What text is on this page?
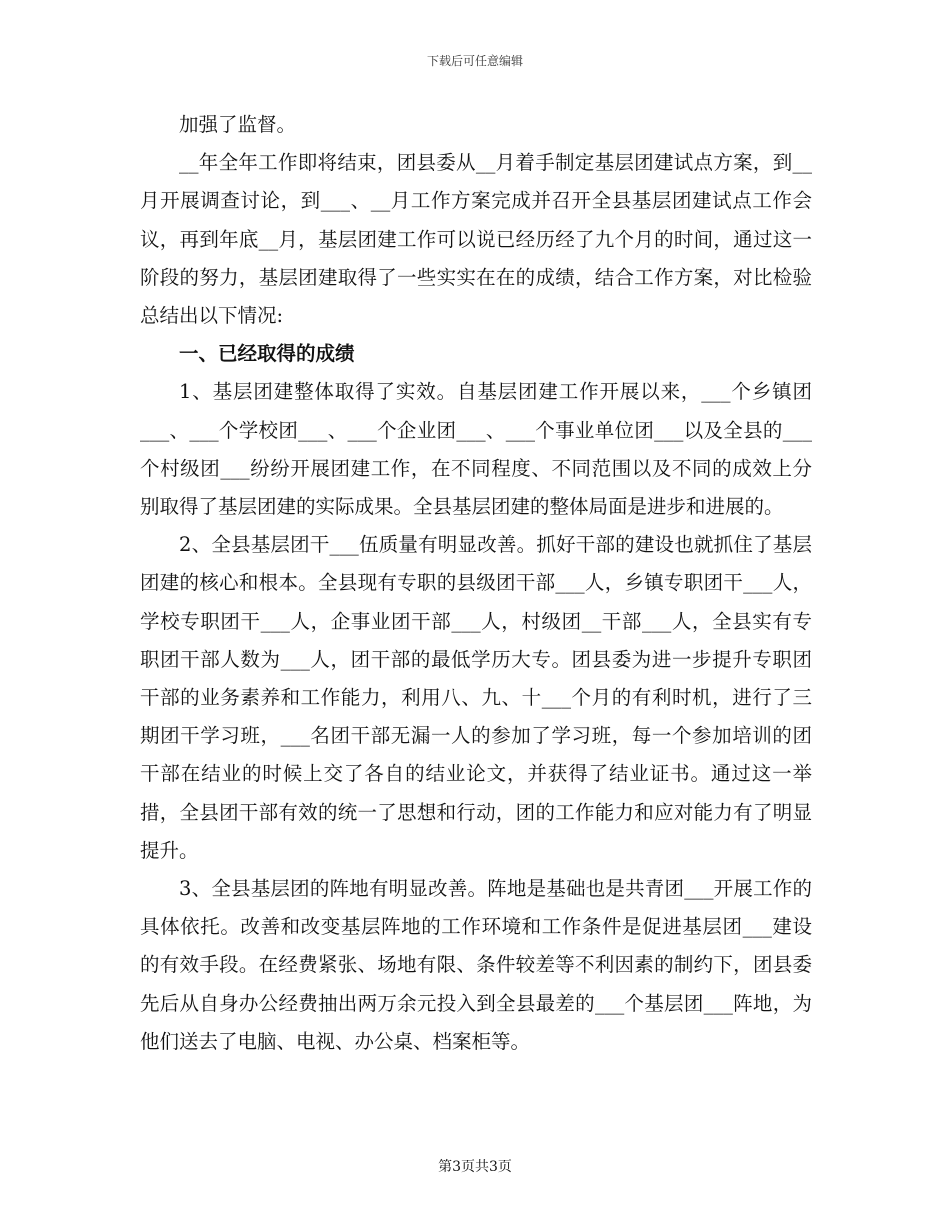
下载后可任意编辑

加强了监督。

__年全年工作即将结束，团县委从__月着手制定基层团建试点方案，到__月开展调查讨论，到___、__月工作方案完成并召开全县基层团建试点工作会议，再到年底__月，基层团建工作可以说已经历经了九个月的时间，通过这一阶段的努力，基层团建取得了一些实实在在的成绩，结合工作方案，对比检验总结出以下情况:

一、已经取得的成绩

1、基层团建整体取得了实效。自基层团建工作开展以来，___个乡镇团___、___个学校团___、___个企业团___、___个事业单位团___以及全县的___个村级团___纷纷开展团建工作，在不同程度、不同范围以及不同的成效上分别取得了基层团建的实际成果。全县基层团建的整体局面是进步和进展的。

2、全县基层团干___伍质量有明显改善。抓好干部的建设也就抓住了基层团建的核心和根本。全县现有专职的县级团干部___人，乡镇专职团干___人，学校专职团干___人，企事业团干部___人，村级团__干部___人，全县实有专职团干部人数为___人，团干部的最低学历大专。团县委为进一步提升专职团干部的业务素养和工作能力，利用八、九、十___个月的有利时机，进行了三期团干学习班，___名团干部无漏一人的参加了学习班，每一个参加培训的团干部在结业的时候上交了各自的结业论文，并获得了结业证书。通过这一举措，全县团干部有效的统一了思想和行动，团的工作能力和应对能力有了明显提升。

3、全县基层团的阵地有明显改善。阵地是基础也是共青团___开展工作的具体依托。改善和改变基层阵地的工作环境和工作条件是促进基层团___建设的有效手段。在经费紧张、场地有限、条件较差等不利因素的制约下，团县委先后从自身办公经费抽出两万余元投入到全县最差的___个基层团___阵地，为他们送去了电脑、电视、办公桌、档案柜等。

第3页共3页
